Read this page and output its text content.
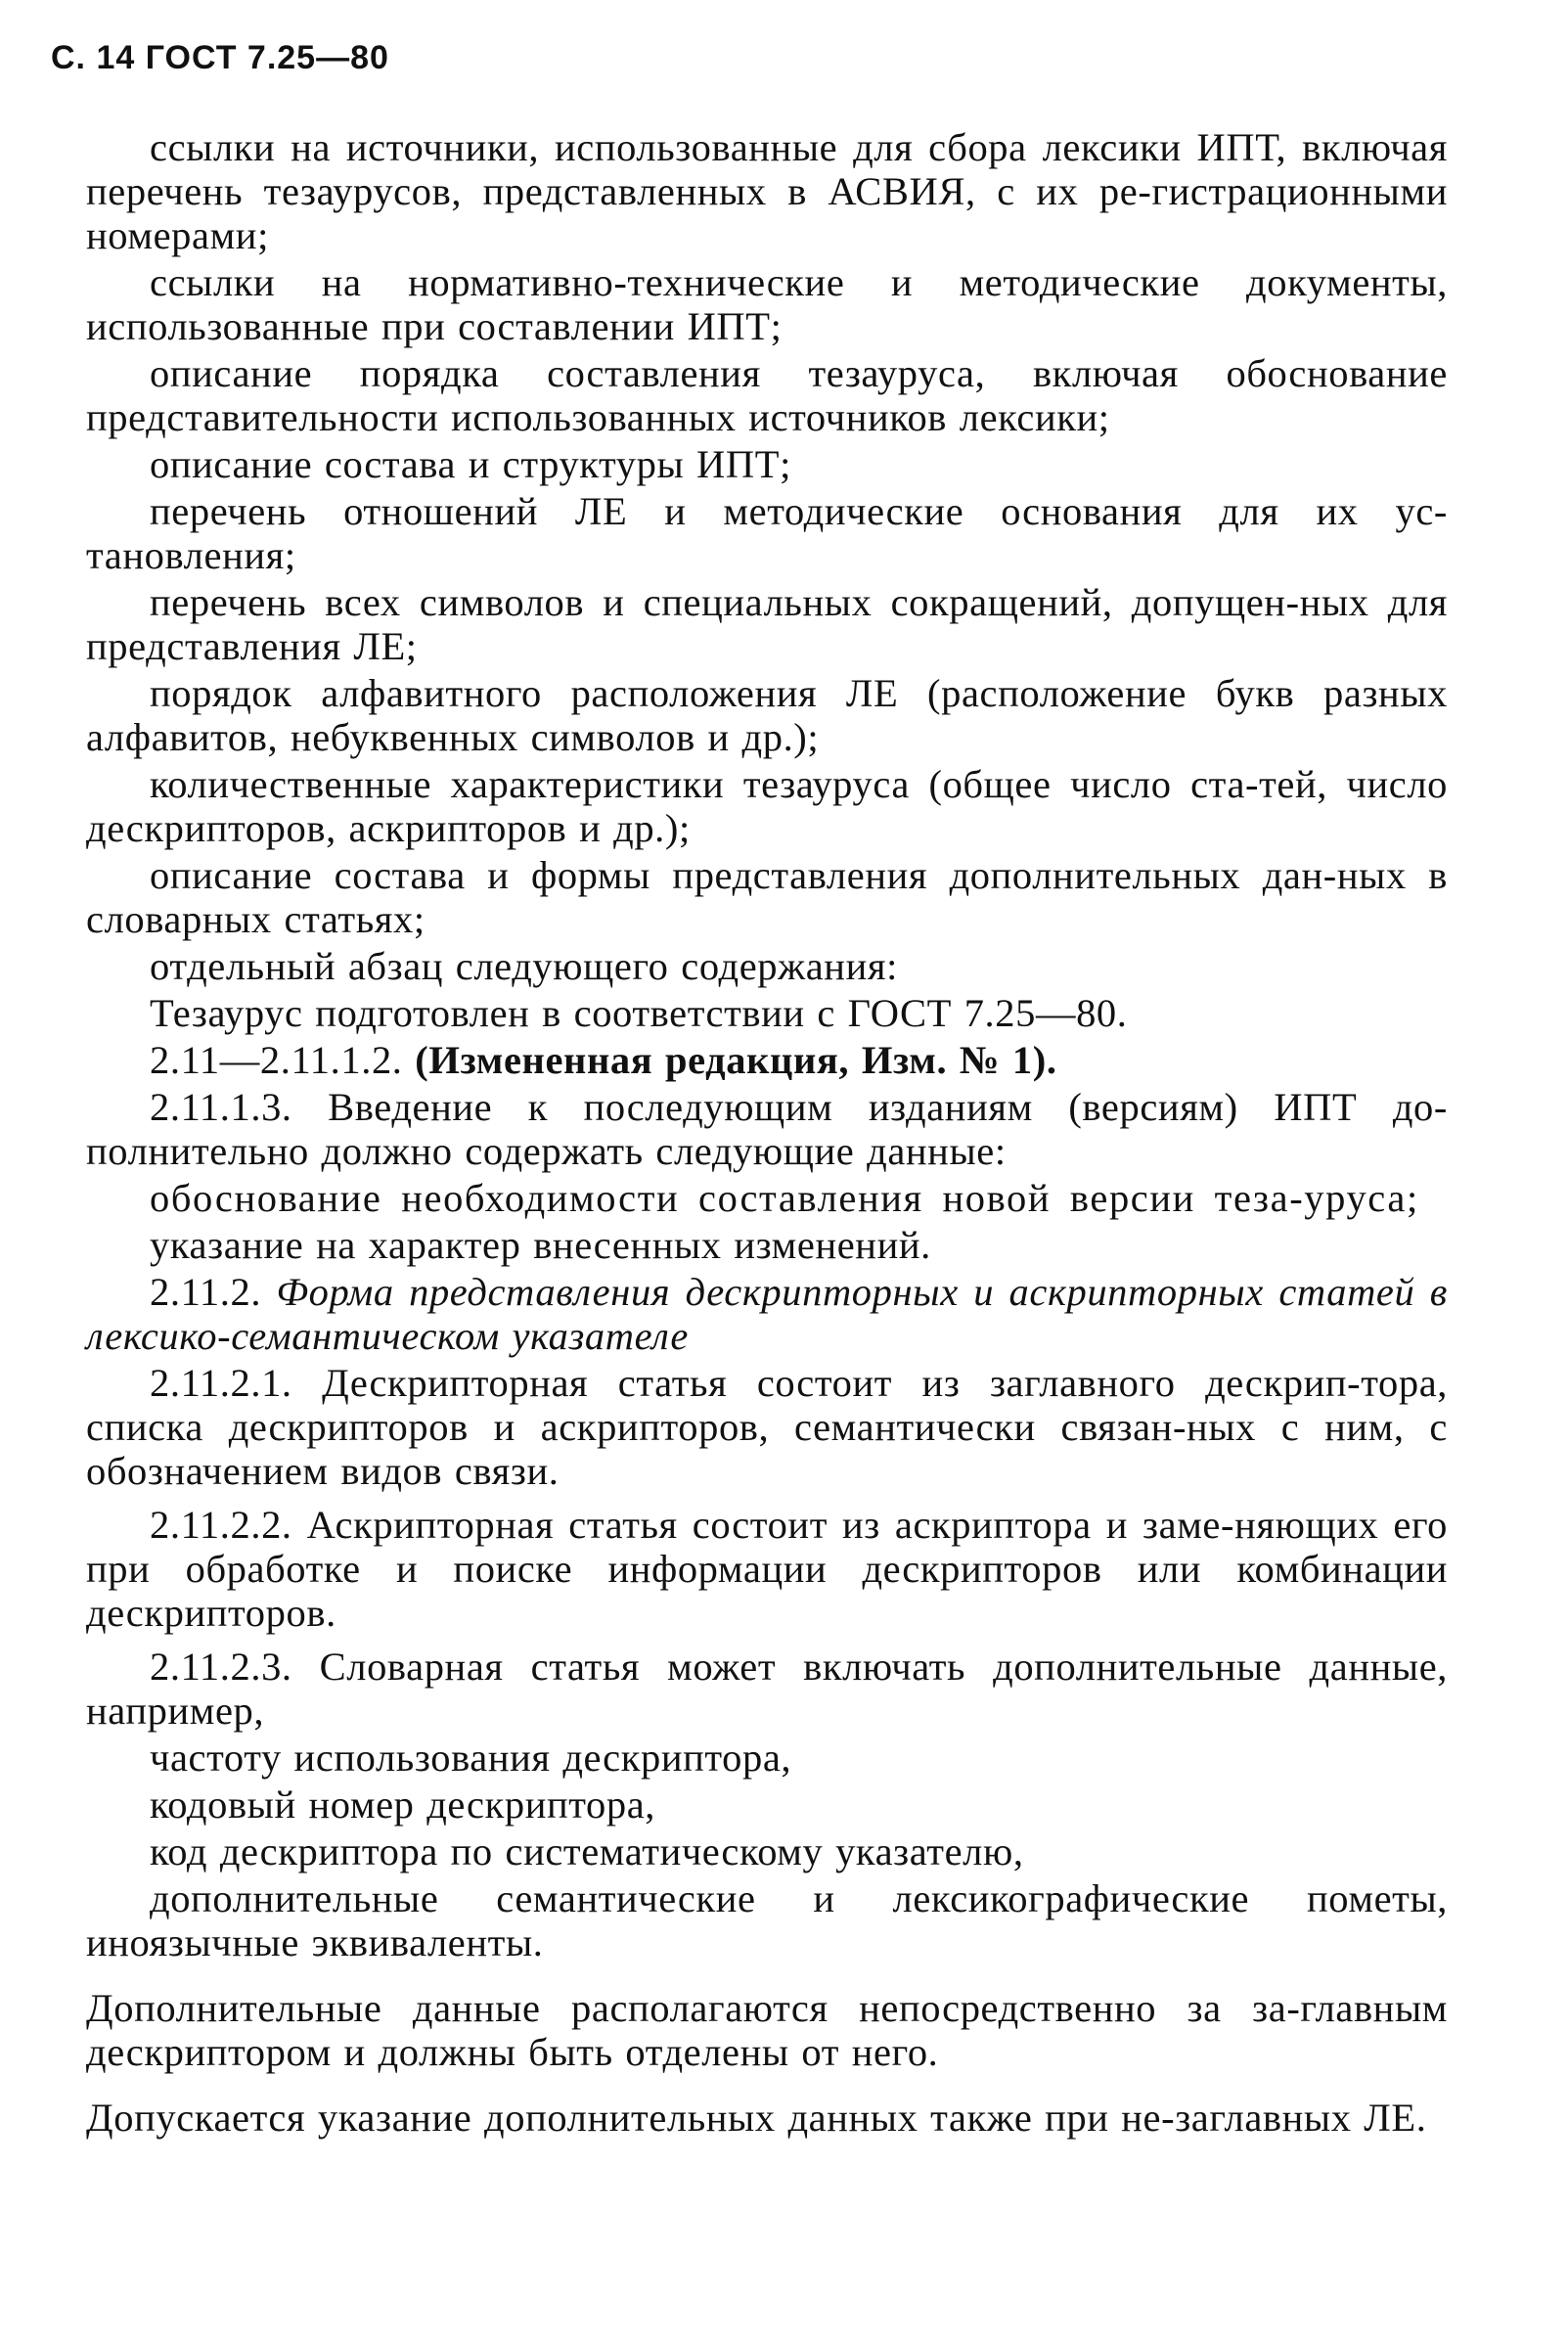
С. 14 ГОСТ 7.25—80

ссылки на источники, использованные для сбора лексики ИПТ, включая перечень тезаурусов, представленных в АСВИЯ, с их ре-гистрационными номерами;

ссылки на нормативно-технические и методические документы, использованные при составлении ИПТ;

описание порядка составления тезауруса, включая обоснование представительности использованных источников лексики;

описание состава и структуры ИПТ;

перечень отношений ЛЕ и методические основания для их ус-тановления;

перечень всех символов и специальных сокращений, допущен-ных для представления ЛЕ;

порядок алфавитного расположения ЛЕ (расположение букв разных алфавитов, небуквенных символов и др.);

количественные характеристики тезауруса (общее число ста-тей, число дескрипторов, аскрипторов и др.);

описание состава и формы представления дополнительных дан-ных в словарных статьях;

отдельный абзац следующего содержания:

Тезаурус подготовлен в соответствии с ГОСТ 7.25—80.

2.11—2.11.1.2. (Измененная редакция, Изм. № 1).

2.11.1.3. Введение к последующим изданиям (версиям) ИПТ до-полнительно должно содержать следующие данные:

обоснование необходимости составления новой версии теза-уруса;

указание на характер внесенных изменений.

2.11.2. Форма представления дескрипторных и аскрипторных статей в лексико-семантическом указателе

2.11.2.1. Дескрипторная статья состоит из заглавного дескрип-тора, списка дескрипторов и аскрипторов, семантически связан-ных с ним, с обозначением видов связи.

2.11.2.2. Аскрипторная статья состоит из аскриптора и заме-няющих его при обработке и поиске информации дескрипторов или комбинации дескрипторов.

2.11.2.3. Словарная статья может включать дополнительные данные, например,

частоту использования дескриптора,

кодовый номер дескриптора,

код дескриптора по систематическому указателю,

дополнительные семантические и лексикографические пометы, иноязычные эквиваленты.

Дополнительные данные располагаются непосредственно за за-главным дескриптором и должны быть отделены от него.

Допускается указание дополнительных данных также при не-заглавных ЛЕ.
